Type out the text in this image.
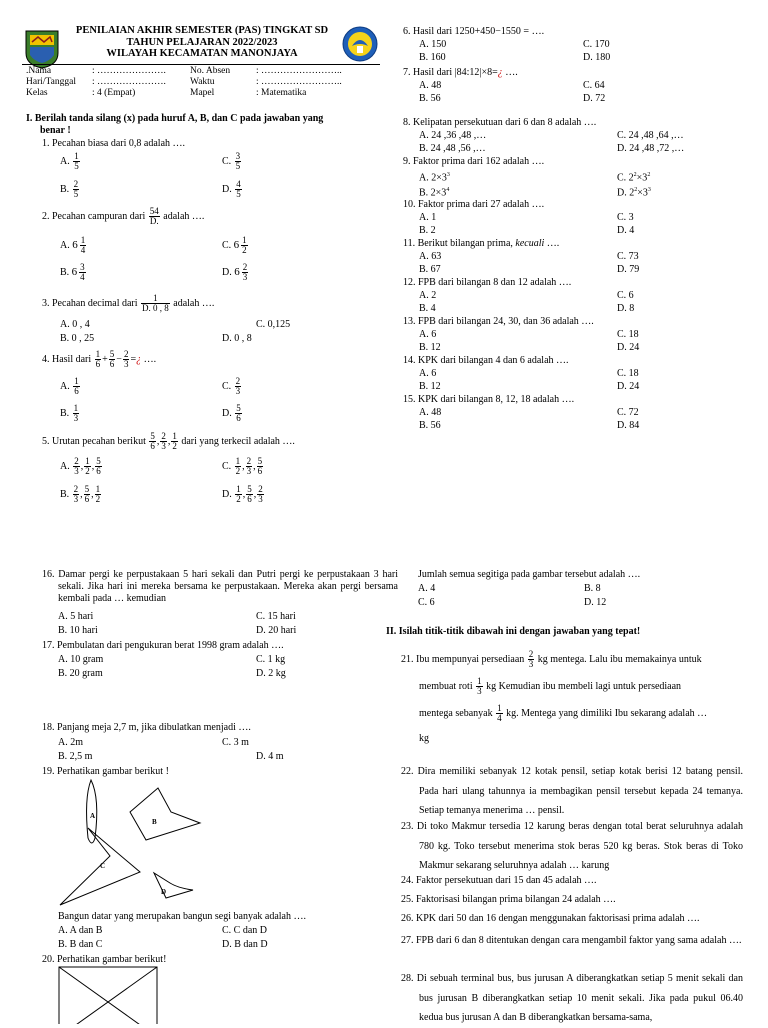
PENILAIAN AKHIR SEMESTER (PAS) TINGKAT SD
TAHUN PELAJARAN 2022/2023
WILAYAH KECAMATAN MANONJAYA
.Nama	: ………………….	No. Absen	: ……………………..
Hari/Tanggal : ………………….	Waktu	: ……………………..
Kelas	: 4 (Empat)	Mapel	: Matematika
I. Berilah tanda silang (x) pada huruf A, B, dan C pada jawaban yang
benar !
1. Pecahan biasa dari 0,8 adalah ….
A. $\frac{1}{5}$
B. $\frac{2}{5}$
C. $\frac{3}{5}$
D. $\frac{4}{5}$
2. Pecahan campuran dari $\frac{54}{D.}$ adalah ….
A. $6 \frac{1}{4}$
B. $6 \frac{3}{4}$
C. $6 \frac{1}{2}$
D. $6 \frac{2}{3}$
3. Pecahan decimal dari $\frac{1}{D. 0 , 8}$ adalah ….
A. 0 , 4
B. 0 , 25
C. 0,125
D. 0 , 8
4. Hasil dari $\frac{1}{6} + \frac{5}{6} - \frac{2}{3}$ =¿ ….
A. $\frac{1}{6}$
B. $\frac{1}{3}$
C. $\frac{2}{3}$
D. $\frac{5}{6}$
5. Urutan pecahan berikut $\frac{5}{6}$ , $\frac{2}{3}$ , $\frac{1}{2}$ dari yang terkecil adalah ….
A. $\frac{2}{3}$ , $\frac{1}{2}$ , $\frac{5}{6}$
B. $\frac{2}{3}$ , $\frac{5}{6}$ , $\frac{1}{2}$
C. $\frac{1}{2}$ , $\frac{2}{3}$ , $\frac{5}{6}$
D. $\frac{1}{2}$ , $\frac{5}{6}$ , $\frac{2}{3}$
6. Hasil dari 1250+450−1550 = ….
A. 150	C. 170
B. 160	D. 180
7. Hasil dari |84:12|×8=¿ ….
A. 48	C. 64
B. 56	D. 72
8. Kelipatan persekutuan dari 6 dan 8 adalah ….
A. 24 ,36 ,48 ,…	C. 24 ,48 ,64 ,…
B. 24 ,48 ,56 ,…	D. 24 ,48 ,72 ,…
9. Faktor prima dari 162 adalah ….
A. $2\times 3^3$	C. $2^2\times 3^2$
B. $2\times 3^4$	D. $2^2\times 3^3$
10. Faktor prima dari 27 adalah ….
A. 1	C. 3
B. 2	D. 4
11. Berikut bilangan prima, kecuali ….
A. 63	C. 73
B. 67	D. 79
12. FPB dari bilangan 8 dan 12 adalah ….
A. 2	C. 6
B. 4	D. 8
13. FPB dari bilangan 24, 30, dan 36 adalah ….
A. 6	C. 18
B. 12	D. 24
14. KPK dari bilangan 4 dan 6 adalah ….
A. 6	C. 18
B. 12	D. 24
15. KPK dari bilangan 8, 12, 18 adalah ….
A. 48	C. 72
B. 56	D. 84
16. Damar pergi ke perpustakaan 5 hari sekali dan Putri pergi ke perpustakaan 3 hari sekali. Jika hari ini mereka bersama ke perpustakaan. Mereka akan pergi bersama kembali pada … kemudian
A. 5 hari
B. 10 hari
C. 15 hari
D. 20 hari
17. Pembulatan dari pengukuran berat 1998 gram adalah ….
A. 10 gram
B. 20 gram
C. 1 kg
D. 2 kg
18. Panjang meja 2,7 m, jika dibulatkan menjadi ….
A. 2m
B. 2,5 m
C. 3 m
D. 4 m
19. Perhatikan gambar berikut !
A
B
C
D
Bangun datar yang merupakan bangun segi banyak adalah ….
A. A dan B
B. B dan C
C. C dan D
D. B dan D
20. Perhatikan gambar berikut!
Jumlah semua segitiga pada gambar tersebut adalah ….
A. 4
C. 6
B. 8
D. 12
II. Isilah titik-titik dibawah ini dengan jawaban yang tepat!
21. Ibu mempunyai persediaan $\frac{2}{3}$ kg mentega. Lalu ibu memakainya untuk
membuat roti $\frac{1}{3}$ kg Kemudian ibu membeli lagi untuk persediaan
mentega sebanyak $\frac{1}{4}$ kg. Mentega yang dimiliki Ibu sekarang adalah …
kg
22. Dira memiliki sebanyak 12 kotak pensil, setiap kotak berisi 12 batang pensil. Pada hari ulang tahunnya ia membagikan pensil tersebut kepada 24 temanya. Setiap temanya menerima … pensil.
23. Di toko Makmur tersedia 12 karung beras dengan total berat seluruhnya adalah 780 kg. Toko tersebut menerima stok beras 520 kg beras. Stok beras di Toko Makmur sekarang seluruhnya adalah … karung
24. Faktor persekutuan dari 15 dan 45 adalah ….
25. Faktorisasi bilangan prima bilangan 24 adalah ….
26. KPK dari 50 dan 16 dengan menggunakan faktorisasi prima adalah ….
27. FPB dari 6 dan 8 ditentukan dengan cara mengambil faktor yang sama adalah ….
28. Di sebuah terminal bus, bus jurusan A diberangkatkan setiap 5 menit sekali dan bus jurusan B diberangkatkan setiap 10 menit sekali. Jika pada pukul 06.40 kedua bus jurusan A dan B diberangkatkan bersama-sama,
